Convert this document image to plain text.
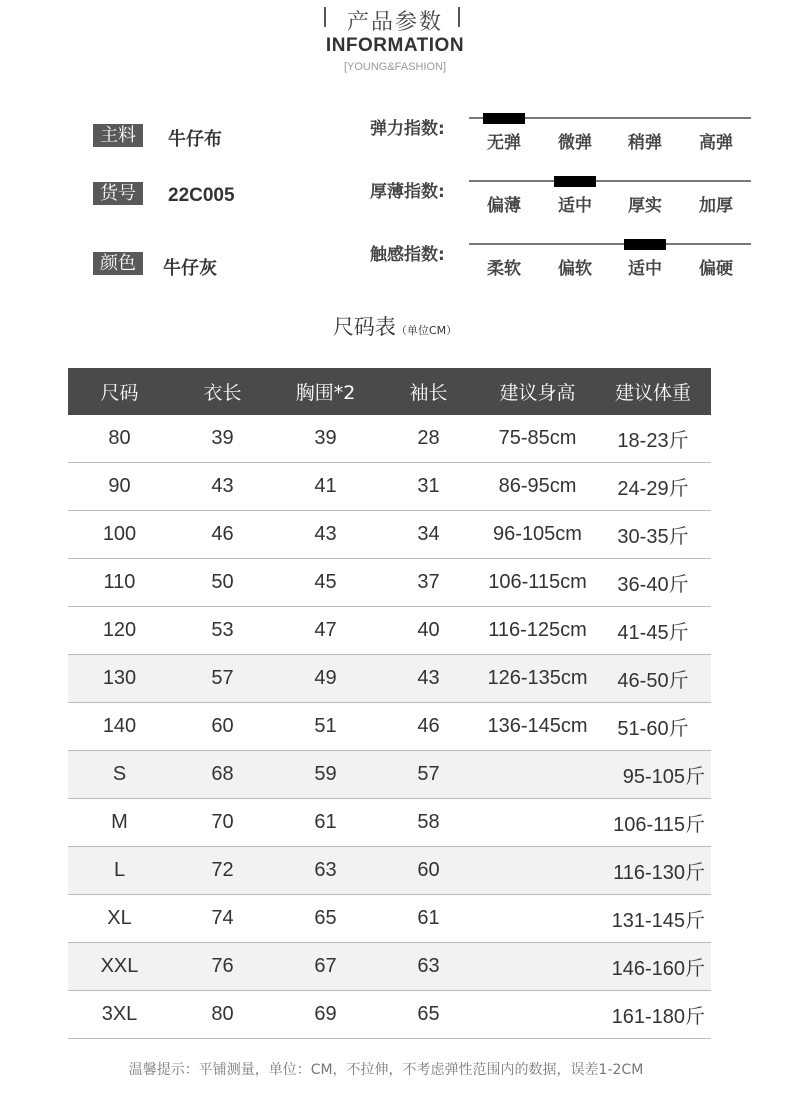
产品参数
INFORMATION
[YOUNG&FASHION]
主料	牛仔布
货号	22C005
颜色	牛仔灰
弹力指数:
无弹	微弹	稍弹	高弹
厚薄指数:
偏薄	适中	厚实	加厚
触感指数:
柔软	偏软	适中	偏硬
尺码表（单位CM）
尺码	衣长	胸围*2	袖长	建议身高	建议体重
80	39	39	28	75-85cm	18-23斤
90	43	41	31	86-95cm	24-29斤
100	46	43	34	96-105cm	30-35斤
110	50	45	37	106-115cm	36-40斤
120	53	47	40	116-125cm	41-45斤
130	57	49	43	126-135cm	46-50斤
140	60	51	46	136-145cm	51-60斤
S	68	59	57		95-105斤
M	70	61	58		106-115斤
L	72	63	60		116-130斤
XL	74	65	61		131-145斤
XXL	76	67	63		146-160斤
3XL	80	69	65		161-180斤
温馨提示：平铺测量，单位：CM，不拉伸，不考虑弹性范围内的数据，误差1-2CM
